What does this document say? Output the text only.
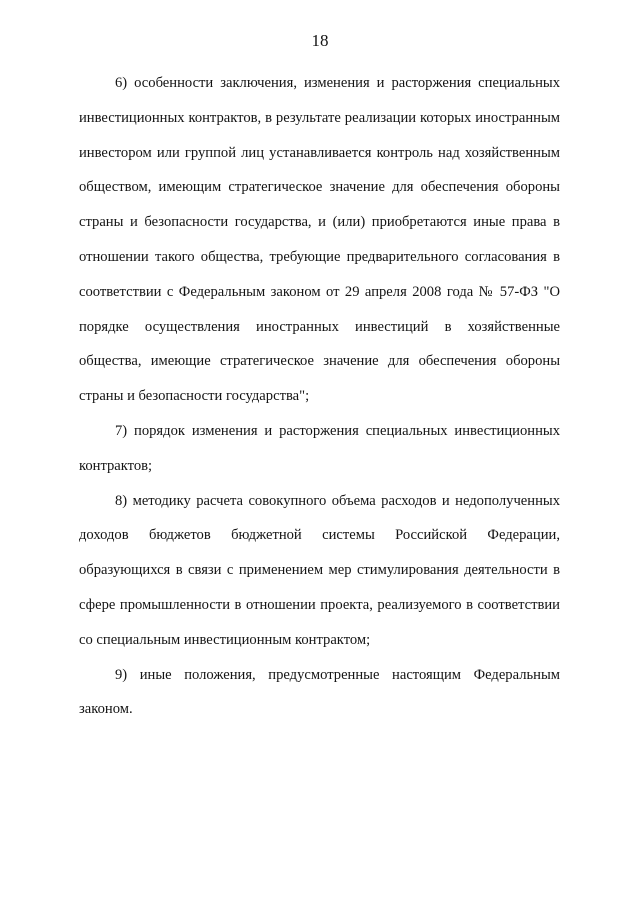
18

6) особенности заключения, изменения и расторжения специальных инвестиционных контрактов, в результате реализации которых иностранным инвестором или группой лиц устанавливается контроль над хозяйственным обществом, имеющим стратегическое значение для обеспечения обороны страны и безопасности государства, и (или) приобретаются иные права в отношении такого общества, требующие предварительного согласования в соответствии с Федеральным законом от 29 апреля 2008 года № 57-ФЗ "О порядке осуществления иностранных инвестиций в хозяйственные общества, имеющие стратегическое значение для обеспечения обороны страны и безопасности государства";

7) порядок изменения и расторжения специальных инвестиционных контрактов;

8) методику расчета совокупного объема расходов и недополученных доходов бюджетов бюджетной системы Российской Федерации, образующихся в связи с применением мер стимулирования деятельности в сфере промышленности в отношении проекта, реализуемого в соответствии со специальным инвестиционным контрактом;

9) иные положения, предусмотренные настоящим Федеральным законом.
